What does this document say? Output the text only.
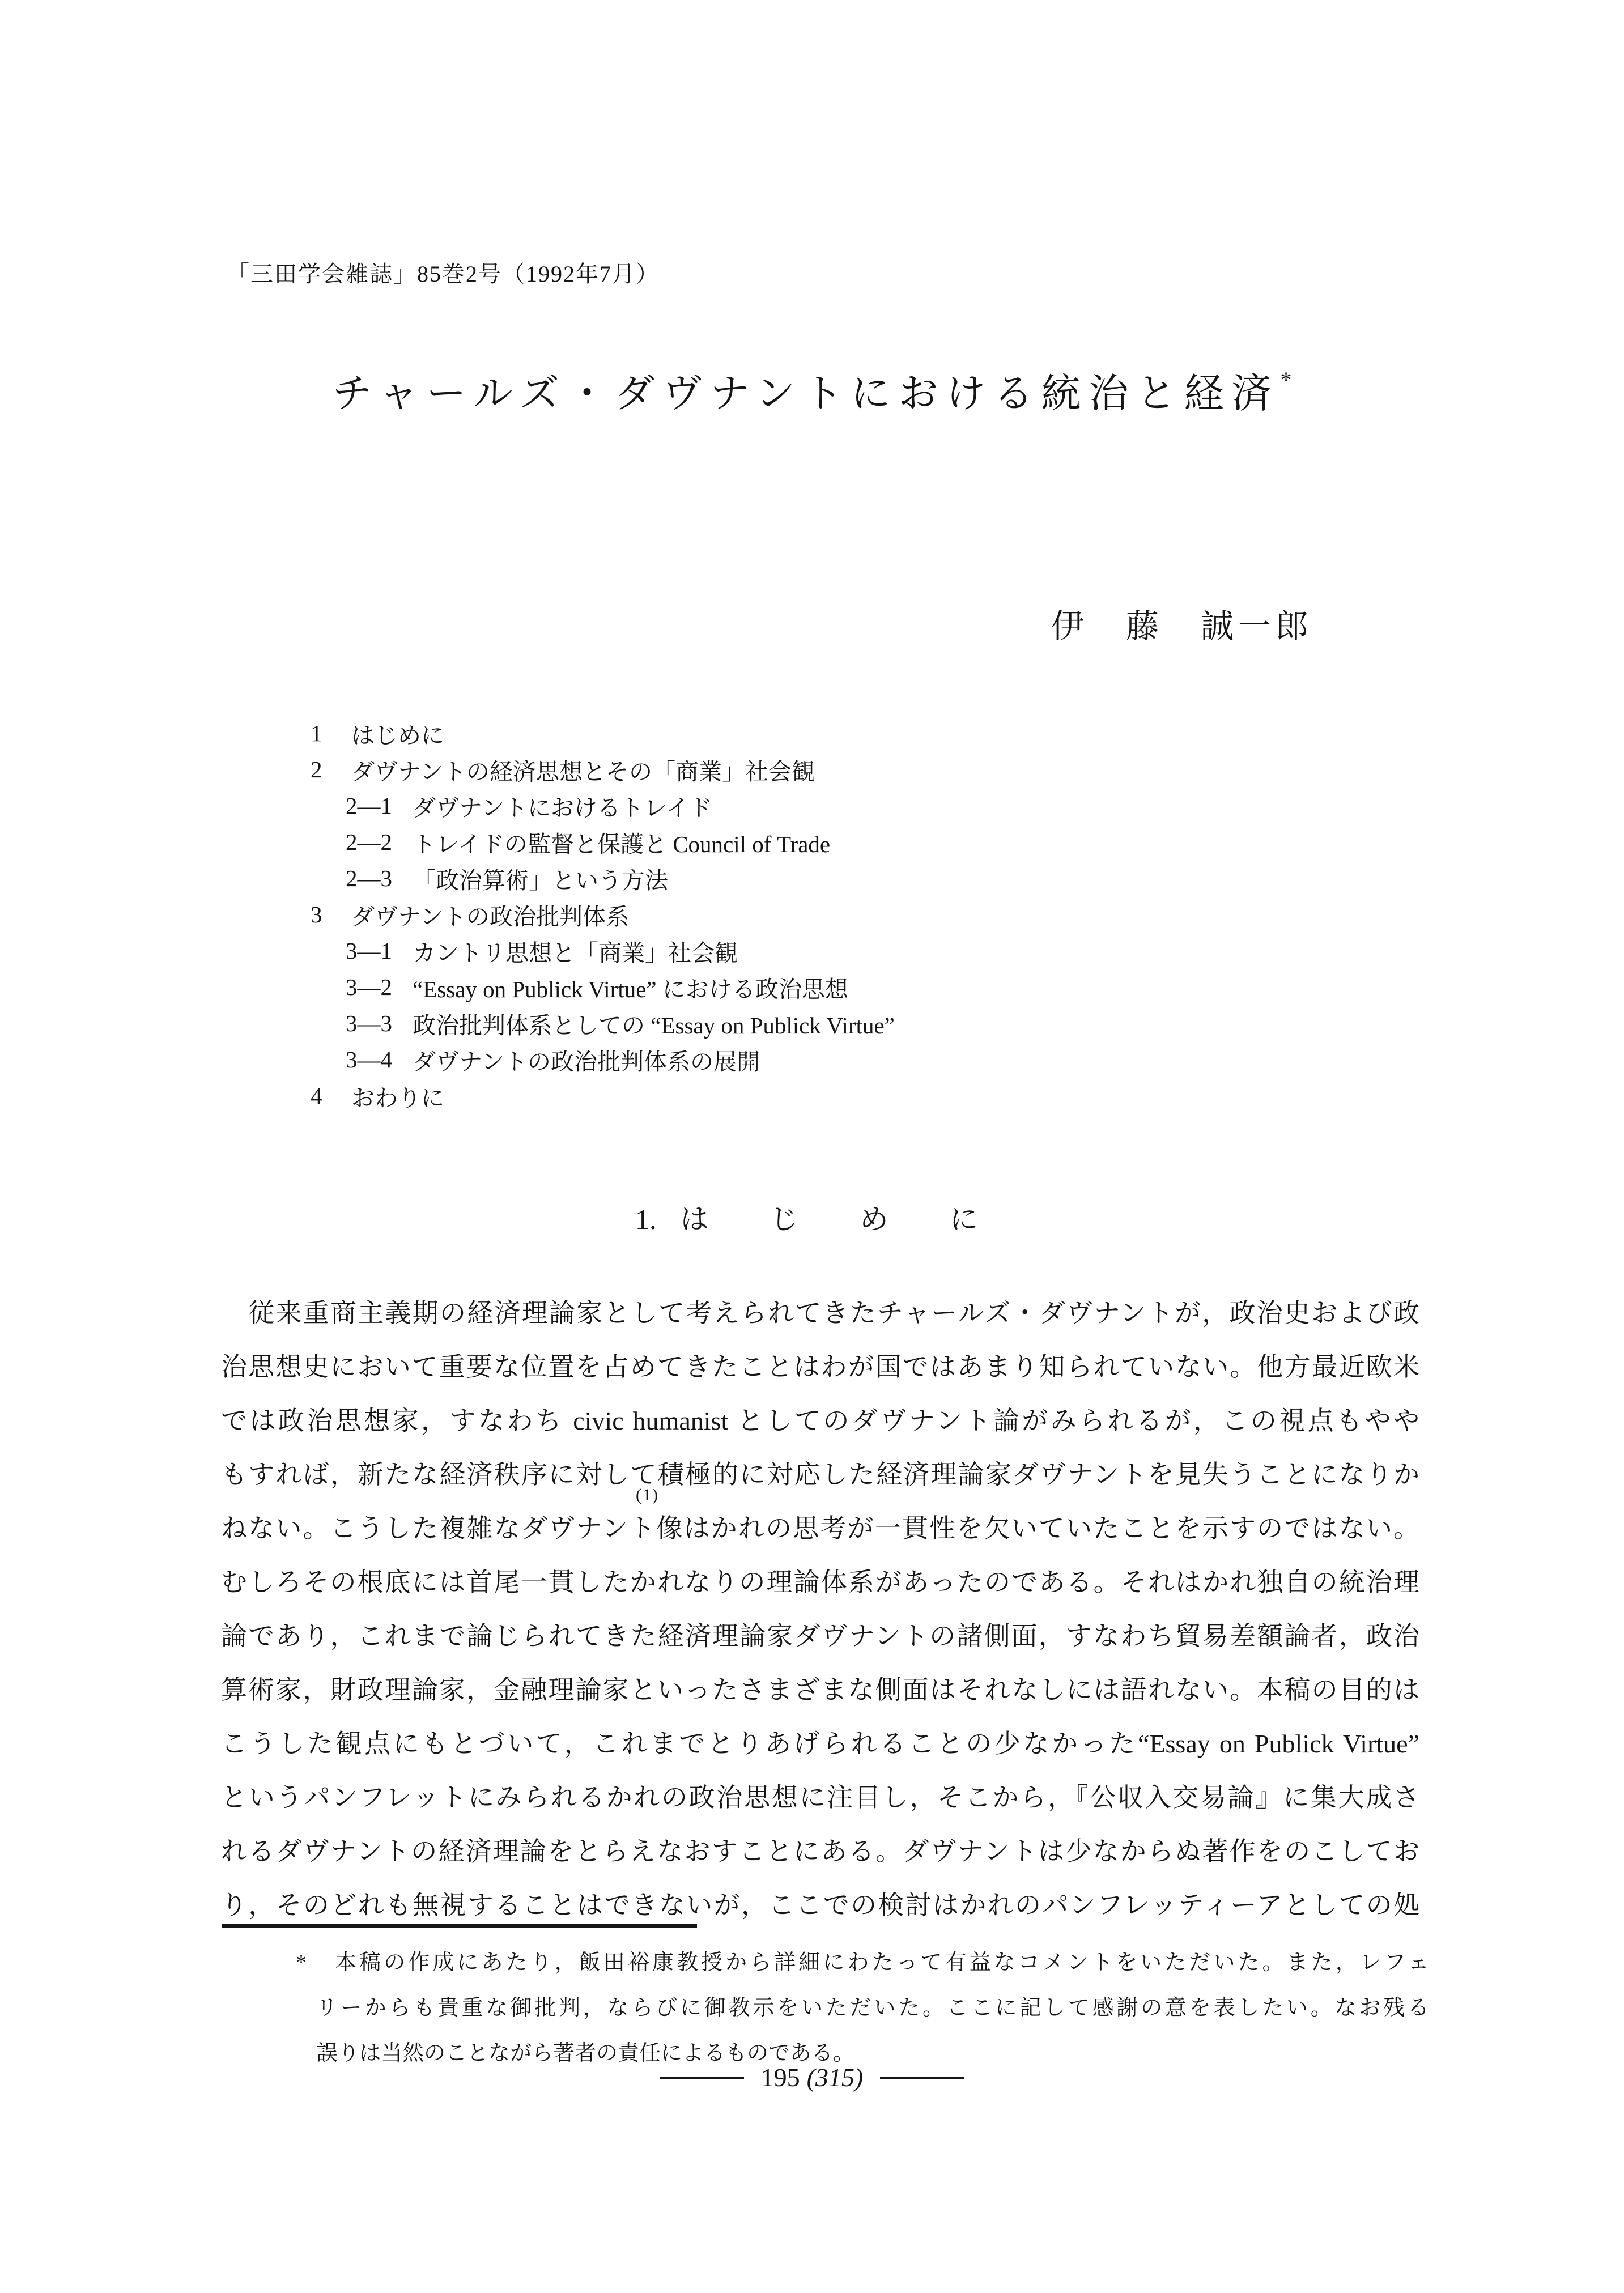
「三田学会雑誌」85巻2号（1992年7月）
チャールズ・ダヴナントにおける統治と経済*
伊　藤　誠一郎
1	はじめに
2	ダヴナントの経済思想とその「商業」社会観
2—1 ダヴナントにおけるトレイド
2—2 トレイドの監督と保護と Council of Trade
2—3 「政治算術」という方法
3	ダヴナントの政治批判体系
3—1 カントリ思想と「商業」社会観
3—2 “Essay on Publick Virtue” における政治思想
3—3 政治批判体系としての “Essay on Publick Virtue”
3—4 ダヴナントの政治批判体系の展開
4	おわりに
1. は じ め に
　従来重商主義期の経済理論家として考えられてきたチャールズ・ダヴナントが，政治史および政
治思想史において重要な位置を占めてきたことはわが国ではあまり知られていない。他方最近欧米
では政治思想家，すなわち civic humanist としてのダヴナント論がみられるが，この視点もやや
もすれば，新たな経済秩序に対して積極的に対応した経済理論家ダヴナントを見失うことになりか
ねない。こうした複雑なダヴナント像はかれの思考が一貫性を欠いていたことを示すのではない。
むしろその根底には首尾一貫したかれなりの理論体系があったのである。それはかれ独自の統治理
論であり，これまで論じられてきた経済理論家ダヴナントの諸側面，すなわち貿易差額論者，政治
算術家，財政理論家，金融理論家といったさまざまな側面はそれなしには語れない。本稿の目的は
こうした観点にもとづいて，これまでとりあげられることの少なかった“Essay on Publick Virtue”
というパンフレットにみられるかれの政治思想に注目し，そこから，『公収入交易論』に集大成さ
れるダヴナントの経済理論をとらえなおすことにある。ダヴナントは少なからぬ著作をのこしてお
り，そのどれも無視することはできないが，ここでの検討はかれのパンフレッティーアとしての処
(1)
* 本稿の作成にあたり，飯田裕康教授から詳細にわたって有益なコメントをいただいた。また，レフェ
リーからも貴重な御批判，ならびに御教示をいただいた。ここに記して感謝の意を表したい。なお残る
誤りは当然のことながら著者の責任によるものである。
195 (315)
